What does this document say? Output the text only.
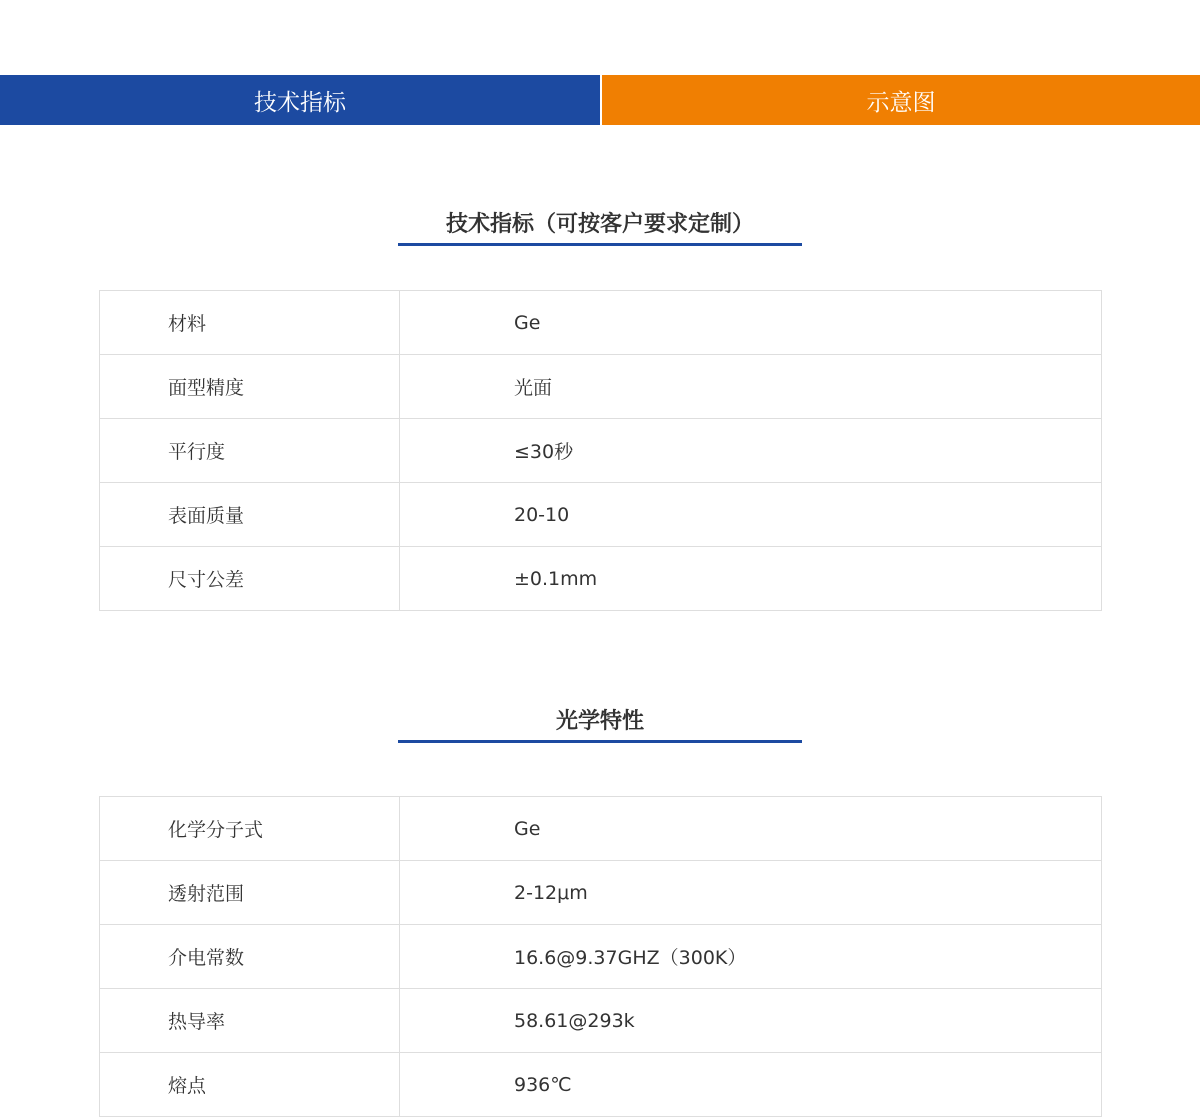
技术指标	示意图
技术指标（可按客户要求定制）
材料	Ge
面型精度	光面
平行度	≤30秒
表面质量	20-10
尺寸公差	±0.1mm
光学特性
化学分子式	Ge
透射范围	2-12μm
介电常数	16.6@9.37GHZ（300K）
热导率	58.61@293k
熔点	936℃
